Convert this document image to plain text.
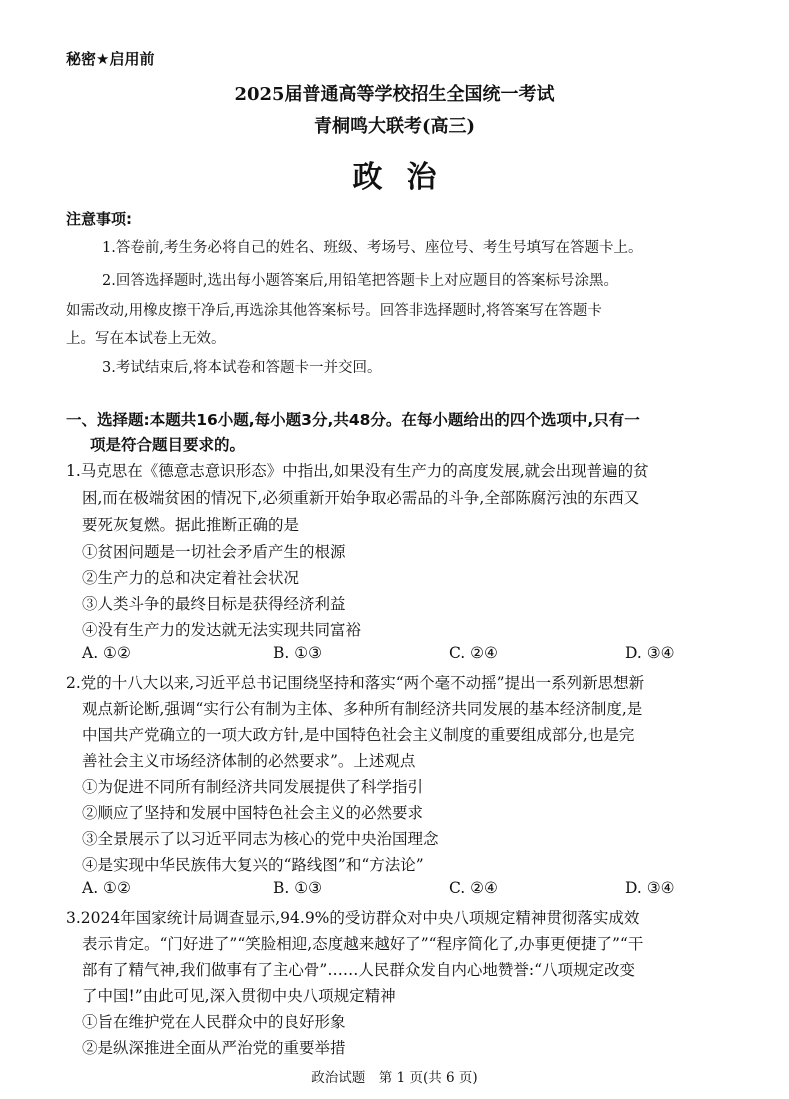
秘密★启用前
2025届普通高等学校招生全国统一考试
青桐鸣大联考(高三)
政治
注意事项:
1.答卷前,考生务必将自己的姓名、班级、考场号、座位号、考生号填写在答题卡上。
2.回答选择题时,选出每小题答案后,用铅笔把答题卡上对应题目的答案标号涂黑。
如需改动,用橡皮擦干净后,再选涂其他答案标号。回答非选择题时,将答案写在答题卡
上。写在本试卷上无效。
3.考试结束后,将本试卷和答题卡一并交回。
一、选择题:本题共16小题,每小题3分,共48分。在每小题给出的四个选项中,只有一
项是符合题目要求的。
1.马克思在《德意志意识形态》中指出,如果没有生产力的高度发展,就会出现普遍的贫
困,而在极端贫困的情况下,必须重新开始争取必需品的斗争,全部陈腐污浊的东西又
要死灰复燃。据此推断正确的是
①贫困问题是一切社会矛盾产生的根源
②生产力的总和决定着社会状况
③人类斗争的最终目标是获得经济利益
④没有生产力的发达就无法实现共同富裕
A. ①②	B. ①③	C. ②④	D. ③④
2.党的十八大以来,习近平总书记围绕坚持和落实“两个毫不动摇”提出一系列新思想新
观点新论断,强调“实行公有制为主体、多种所有制经济共同发展的基本经济制度,是
中国共产党确立的一项大政方针,是中国特色社会主义制度的重要组成部分,也是完
善社会主义市场经济体制的必然要求”。上述观点
①为促进不同所有制经济共同发展提供了科学指引
②顺应了坚持和发展中国特色社会主义的必然要求
③全景展示了以习近平同志为核心的党中央治国理念
④是实现中华民族伟大复兴的“路线图”和“方法论”
A. ①②	B. ①③	C. ②④	D. ③④
3.2024年国家统计局调查显示,94.9%的受访群众对中央八项规定精神贯彻落实成效
表示肯定。“门好进了”“笑脸相迎,态度越来越好了”“程序简化了,办事更便捷了”“干
部有了精气神,我们做事有了主心骨”……人民群众发自内心地赞誉:“八项规定改变
了中国!”由此可见,深入贯彻中央八项规定精神
①旨在维护党在人民群众中的良好形象
②是纵深推进全面从严治党的重要举措
政治试题　第 1 页(共 6 页)
